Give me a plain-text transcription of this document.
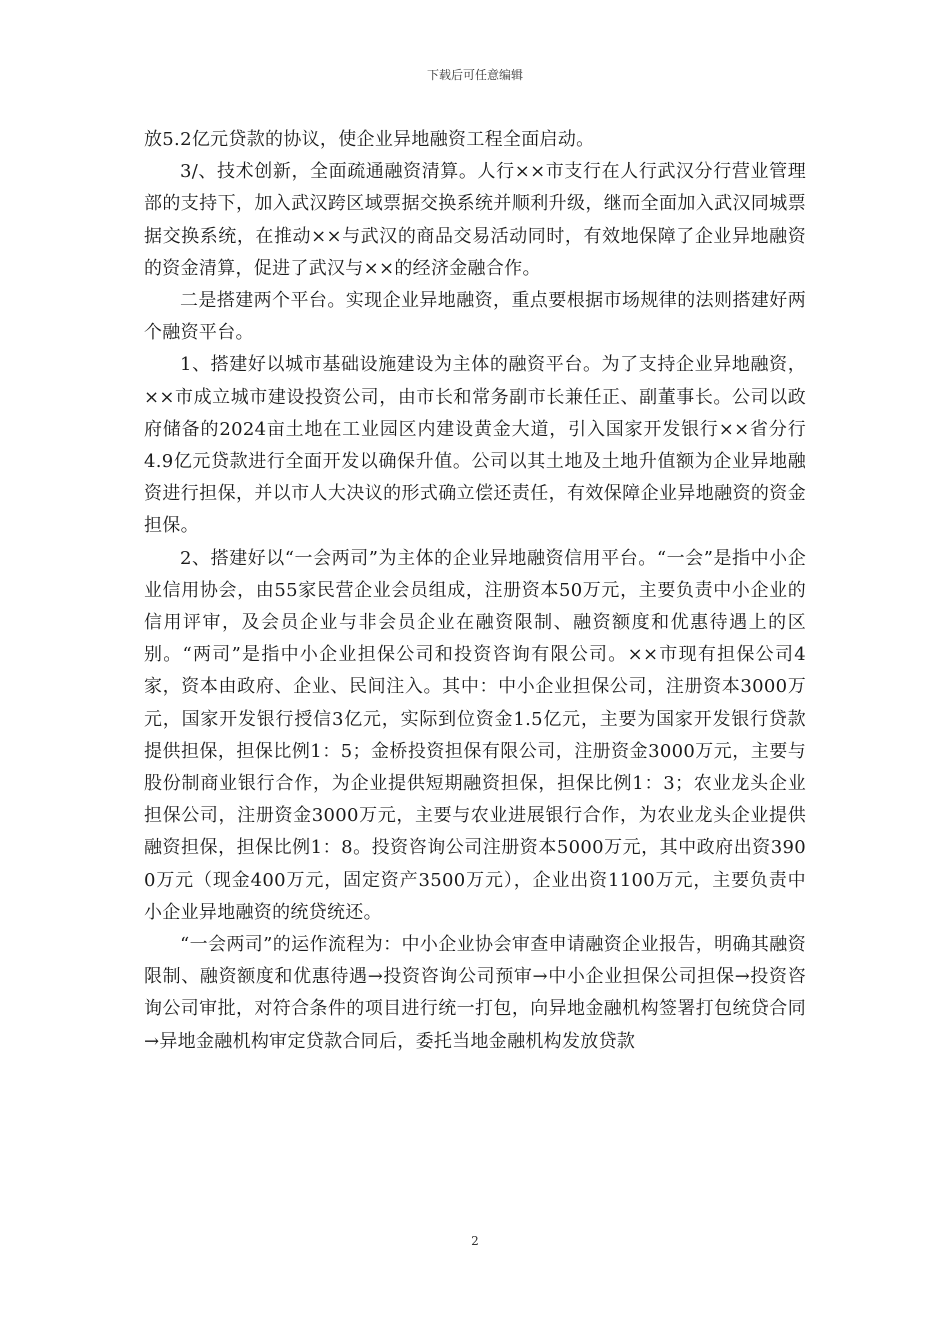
下载后可任意编辑

放5.2亿元贷款的协议，使企业异地融资工程全面启动。

3/、技术创新，全面疏通融资清算。人行××市支行在人行武汉分行营业管理部的支持下，加入武汉跨区域票据交换系统并顺利升级，继而全面加入武汉同城票据交换系统，在推动××与武汉的商品交易活动同时，有效地保障了企业异地融资的资金清算，促进了武汉与××的经济金融合作。

二是搭建两个平台。实现企业异地融资，重点要根据市场规律的法则搭建好两个融资平台。

1、搭建好以城市基础设施建设为主体的融资平台。为了支持企业异地融资，××市成立城市建设投资公司，由市长和常务副市长兼任正、副董事长。公司以政府储备的2024亩土地在工业园区内建设黄金大道，引入国家开发银行××省分行4.9亿元贷款进行全面开发以确保升值。公司以其土地及土地升值额为企业异地融资进行担保，并以市人大决议的形式确立偿还责任，有效保障企业异地融资的资金担保。

2、搭建好以“一会两司”为主体的企业异地融资信用平台。“一会”是指中小企业信用协会，由55家民营企业会员组成，注册资本50万元，主要负责中小企业的信用评审，及会员企业与非会员企业在融资限制、融资额度和优惠待遇上的区别。“两司”是指中小企业担保公司和投资咨询有限公司。××市现有担保公司4家，资本由政府、企业、民间注入。其中：中小企业担保公司，注册资本3000万元，国家开发银行授信3亿元，实际到位资金1.5亿元，主要为国家开发银行贷款提供担保，担保比例1：5；金桥投资担保有限公司，注册资金3000万元，主要与股份制商业银行合作，为企业提供短期融资担保，担保比例1：3；农业龙头企业担保公司，注册资金3000万元，主要与农业进展银行合作，为农业龙头企业提供融资担保，担保比例1：8。投资咨询公司注册资本5000万元，其中政府出资3900万元（现金400万元，固定资产3500万元），企业出资1100万元，主要负责中小企业异地融资的统贷统还。

“一会两司”的运作流程为：中小企业协会审查申请融资企业报告，明确其融资限制、融资额度和优惠待遇→投资咨询公司预审→中小企业担保公司担保→投资咨询公司审批，对符合条件的项目进行统一打包，向异地金融机构签署打包统贷合同→异地金融机构审定贷款合同后，委托当地金融机构发放贷款

2
